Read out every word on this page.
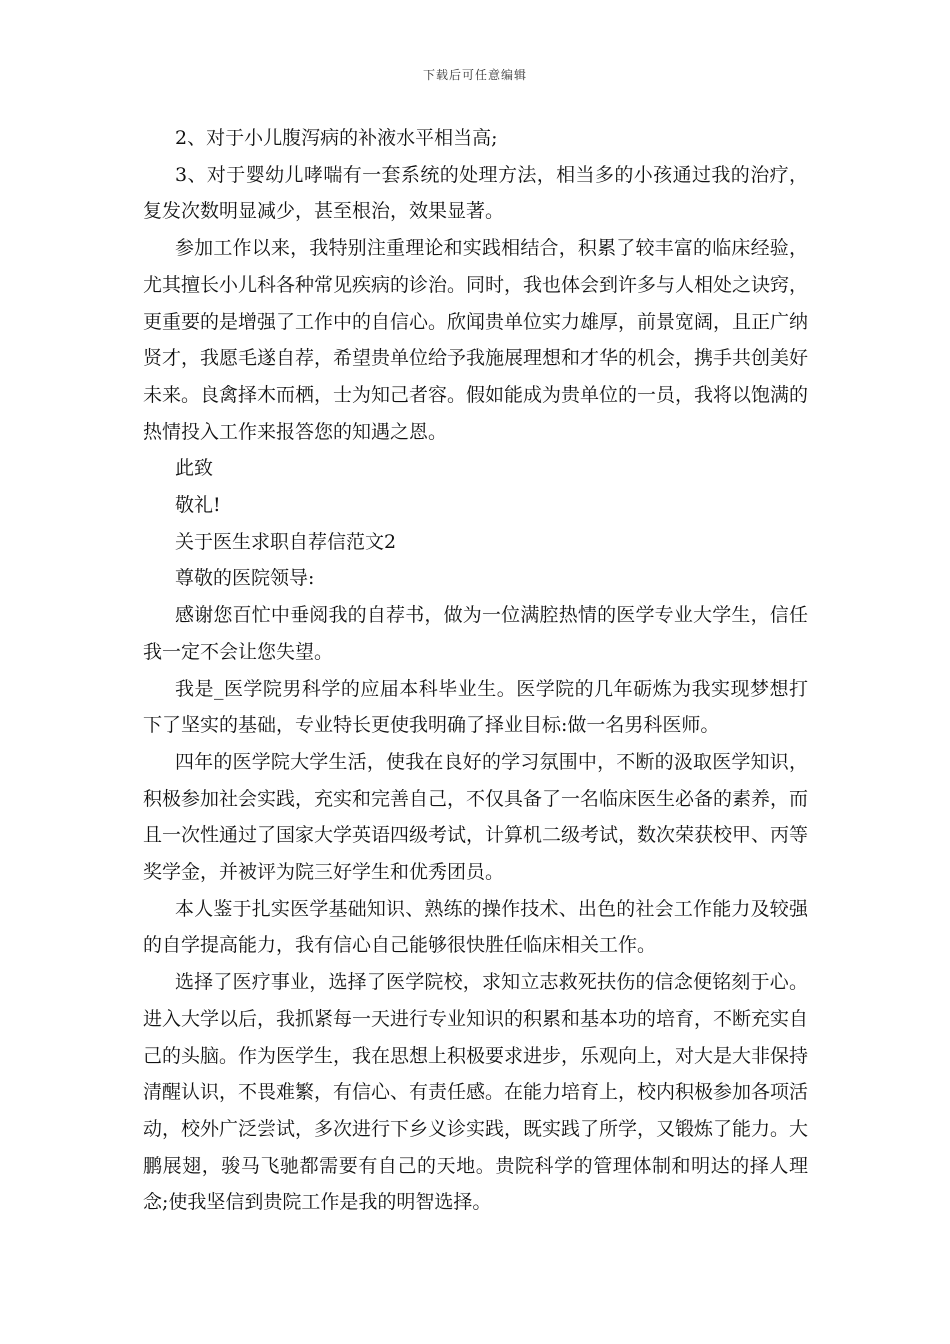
下载后可任意编辑

2、对于小儿腹泻病的补液水平相当高;

3、对于婴幼儿哮喘有一套系统的处理方法，相当多的小孩通过我的治疗，复发次数明显减少，甚至根治，效果显著。

参加工作以来，我特别注重理论和实践相结合，积累了较丰富的临床经验，尤其擅长小儿科各种常见疾病的诊治。同时，我也体会到许多与人相处之诀窍，更重要的是增强了工作中的自信心。欣闻贵单位实力雄厚，前景宽阔，且正广纳贤才，我愿毛遂自荐，希望贵单位给予我施展理想和才华的机会，携手共创美好未来。良禽择木而栖，士为知己者容。假如能成为贵单位的一员，我将以饱满的热情投入工作来报答您的知遇之恩。

此致

敬礼!

关于医生求职自荐信范文2

尊敬的医院领导:

感谢您百忙中垂阅我的自荐书，做为一位满腔热情的医学专业大学生，信任我一定不会让您失望。

我是_医学院男科学的应届本科毕业生。医学院的几年砺炼为我实现梦想打下了坚实的基础，专业特长更使我明确了择业目标:做一名男科医师。

四年的医学院大学生活，使我在良好的学习氛围中，不断的汲取医学知识，积极参加社会实践，充实和完善自己，不仅具备了一名临床医生必备的素养，而且一次性通过了国家大学英语四级考试，计算机二级考试，数次荣获校甲、丙等奖学金，并被评为院三好学生和优秀团员。

本人鉴于扎实医学基础知识、熟练的操作技术、出色的社会工作能力及较强的自学提高能力，我有信心自己能够很快胜任临床相关工作。

选择了医疗事业，选择了医学院校，求知立志救死扶伤的信念便铭刻于心。进入大学以后，我抓紧每一天进行专业知识的积累和基本功的培育，不断充实自己的头脑。作为医学生，我在思想上积极要求进步，乐观向上，对大是大非保持清醒认识，不畏难繁，有信心、有责任感。在能力培育上，校内积极参加各项活动，校外广泛尝试，多次进行下乡义诊实践，既实践了所学，又锻炼了能力。大鹏展翅，骏马飞驰都需要有自己的天地。贵院科学的管理体制和明达的择人理念;使我坚信到贵院工作是我的明智选择。
